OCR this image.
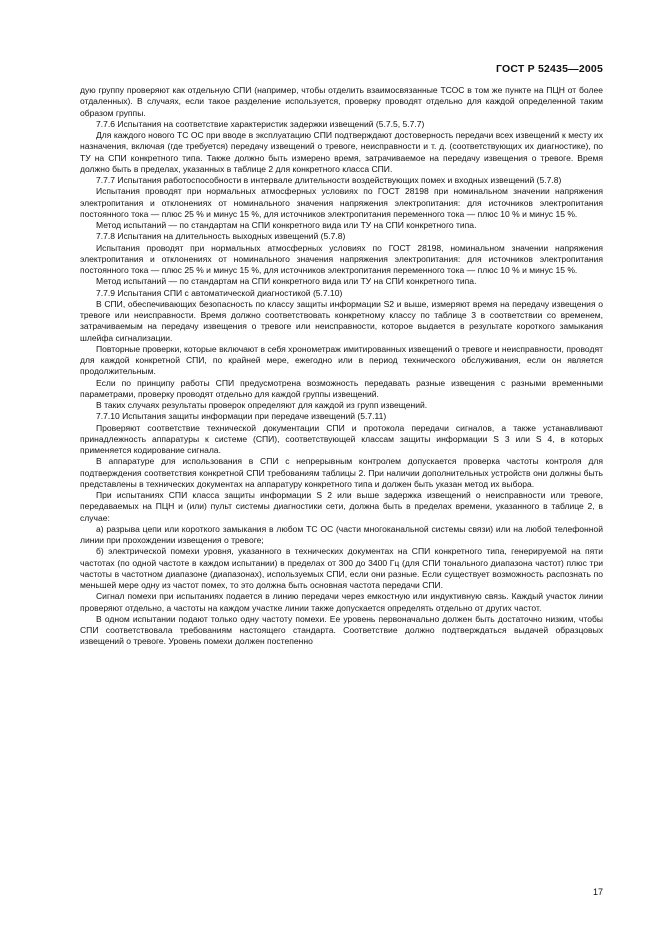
ГОСТ Р 52435—2005

дую группу проверяют как отдельную СПИ (например, чтобы отделить взаимосвязанные ТСОС в том же пункте на ПЦН от более отдаленных). В случаях, если такое разделение используется, проверку проводят отдельно для каждой определенной таким образом группы.

7.7.6 Испытания на соответствие характеристик задержки извещений (5.7.5, 5.7.7)

Для каждого нового ТС ОС при вводе в эксплуатацию СПИ подтверждают достоверность передачи всех извещений к месту их назначения, включая (где требуется) передачу извещений о тревоге, неисправности и т. д. (соответствующих их диагностике), по ТУ на СПИ конкретного типа. Также должно быть измерено время, затрачиваемое на передачу извещения о тревоге. Время должно быть в пределах, указанных в таблице 2 для конкретного класса СПИ.

7.7.7 Испытания работоспособности в интервале длительности воздействующих помех и входных извещений (5.7.8)

Испытания проводят при нормальных атмосферных условиях по ГОСТ 28198 при номинальном значении напряжения электропитания и отклонениях от номинального значения напряжения электропитания: для источников электропитания постоянного тока — плюс 25 % и минус 15 %, для источников электропитания переменного тока — плюс 10 % и минус 15 %.

Метод испытаний — по стандартам на СПИ конкретного вида или ТУ на СПИ конкретного типа.

7.7.8 Испытания на длительность выходных извещений (5.7.8)

Испытания проводят при нормальных атмосферных условиях по ГОСТ 28198, номинальном значении напряжения электропитания и отклонениях от номинального значения напряжения электропитания: для источников электропитания постоянного тока — плюс 25 % и минус 15 %, для источников электропитания переменного тока — плюс 10 % и минус 15 %.

Метод испытаний — по стандартам на СПИ конкретного вида или ТУ на СПИ конкретного типа.

7.7.9 Испытания СПИ с автоматической диагностикой (5.7.10)

В СПИ, обеспечивающих безопасность по классу защиты информации S2 и выше, измеряют время на передачу извещения о тревоге или неисправности. Время должно соответствовать конкретному классу по таблице 3 в соответствии со временем, затрачиваемым на передачу извещения о тревоге или неисправности, которое выдается в результате короткого замыкания шлейфа сигнализации.

Повторные проверки, которые включают в себя хронометраж имитированных извещений о тревоге и неисправности, проводят для каждой конкретной СПИ, по крайней мере, ежегодно или в период технического обслуживания, если он является продолжительным.

Если по принципу работы СПИ предусмотрена возможность передавать разные извещения с разными временными параметрами, проверку проводят отдельно для каждой группы извещений.

В таких случаях результаты проверок определяют для каждой из групп извещений.

7.7.10 Испытания защиты информации при передаче извещений (5.7.11)

Проверяют соответствие технической документации СПИ и протокола передачи сигналов, а также устанавливают принадлежность аппаратуры к системе (СПИ), соответствующей классам защиты информации S 3 или S 4, в которых применяется кодирование сигнала.

В аппаратуре для использования в СПИ с непрерывным контролем допускается проверка частоты контроля для подтверждения соответствия конкретной СПИ требованиям таблицы 2. При наличии дополнительных устройств они должны быть представлены в технических документах на аппаратуру конкретного типа и должен быть указан метод их выбора.

При испытаниях СПИ класса защиты информации S 2 или выше задержка извещений о неисправности или тревоге, передаваемых на ПЦН и (или) пульт системы диагностики сети, должна быть в пределах времени, указанного в таблице 2, в случае:

а) разрыва цепи или короткого замыкания в любом ТС ОС (части многоканальной системы связи) или на любой телефонной линии при прохождении извещения о тревоге;

б) электрической помехи уровня, указанного в технических документах на СПИ конкретного типа, генерируемой на пяти частотах (по одной частоте в каждом испытании) в пределах от 300 до 3400 Гц (для СПИ тонального диапазона частот) плюс три частоты в частотном диапазоне (диапазонах), используемых СПИ, если они разные. Если существует возможность распознать по меньшей мере одну из частот помех, то это должна быть основная частота передачи СПИ.

Сигнал помехи при испытаниях подается в линию передачи через емкостную или индуктивную связь. Каждый участок линии проверяют отдельно, а частоты на каждом участке линии также допускается определять отдельно от других частот.

В одном испытании подают только одну частоту помехи. Ее уровень первоначально должен быть достаточно низким, чтобы СПИ соответствовала требованиям настоящего стандарта. Соответствие должно подтверждаться выдачей образцовых извещений о тревоге. Уровень помехи должен постепенно

17
